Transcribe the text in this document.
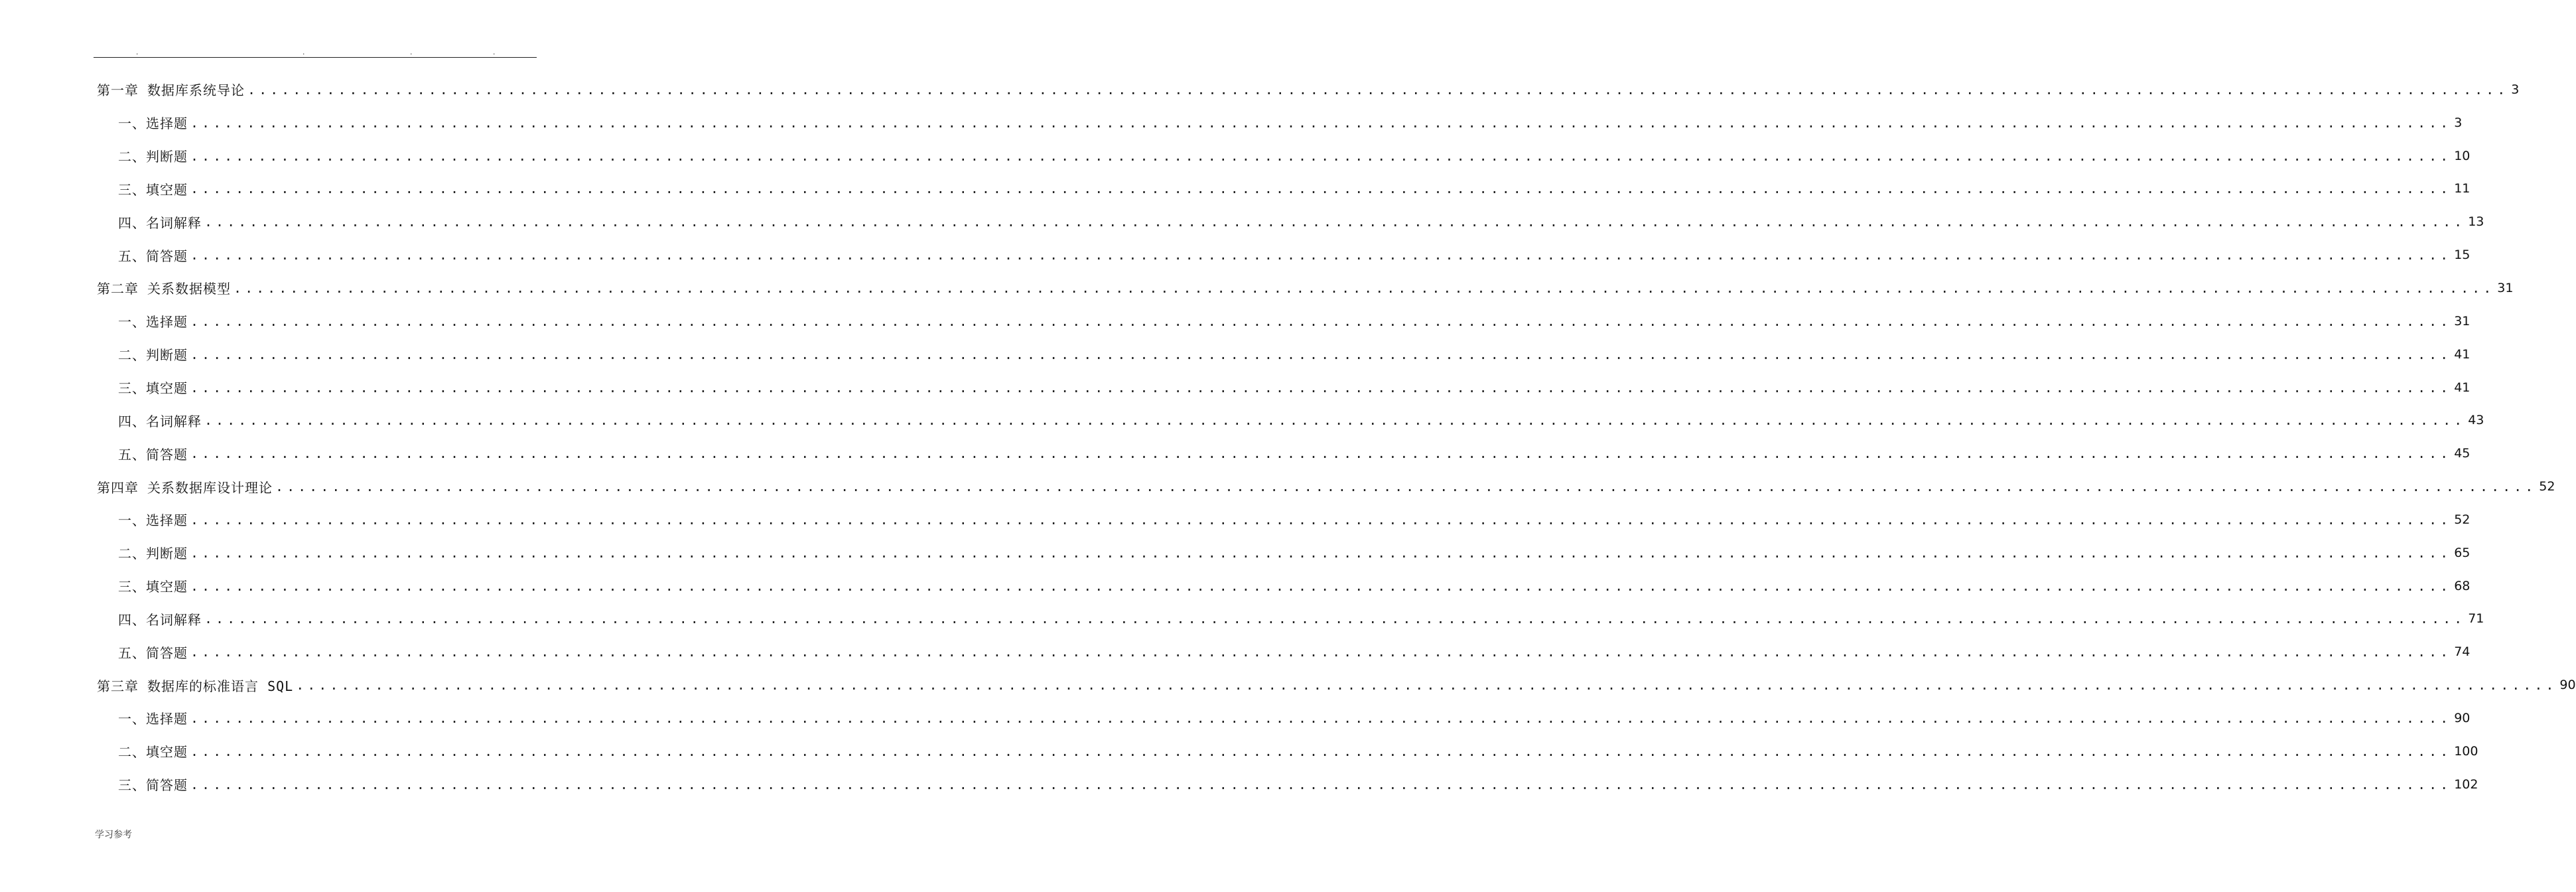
.	.	.	.
第一章 数据库系统导论 ........................................................................................................................................................................................................ 3
一、选择题 ........................................................................................................................................................................................................ 3
二、判断题 ........................................................................................................................................................................................................ 10
三、填空题 ........................................................................................................................................................................................................ 11
四、名词解释 ........................................................................................................................................................................................................ 13
五、简答题 ........................................................................................................................................................................................................ 15
第二章 关系数据模型 ........................................................................................................................................................................................................ 31
一、选择题 ........................................................................................................................................................................................................ 31
二、判断题 ........................................................................................................................................................................................................ 41
三、填空题 ........................................................................................................................................................................................................ 41
四、名词解释 ........................................................................................................................................................................................................ 43
五、简答题 ........................................................................................................................................................................................................ 45
第四章 关系数据库设计理论 ........................................................................................................................................................................................................ 52
一、选择题 ........................................................................................................................................................................................................ 52
二、判断题 ........................................................................................................................................................................................................ 65
三、填空题 ........................................................................................................................................................................................................ 68
四、名词解释 ........................................................................................................................................................................................................ 71
五、简答题 ........................................................................................................................................................................................................ 74
第三章 数据库的标准语言 SQL ........................................................................................................................................................................................................ 90
一、选择题 ........................................................................................................................................................................................................ 90
二、填空题 ........................................................................................................................................................................................................ 100
三、简答题 ........................................................................................................................................................................................................ 102
学习参考
